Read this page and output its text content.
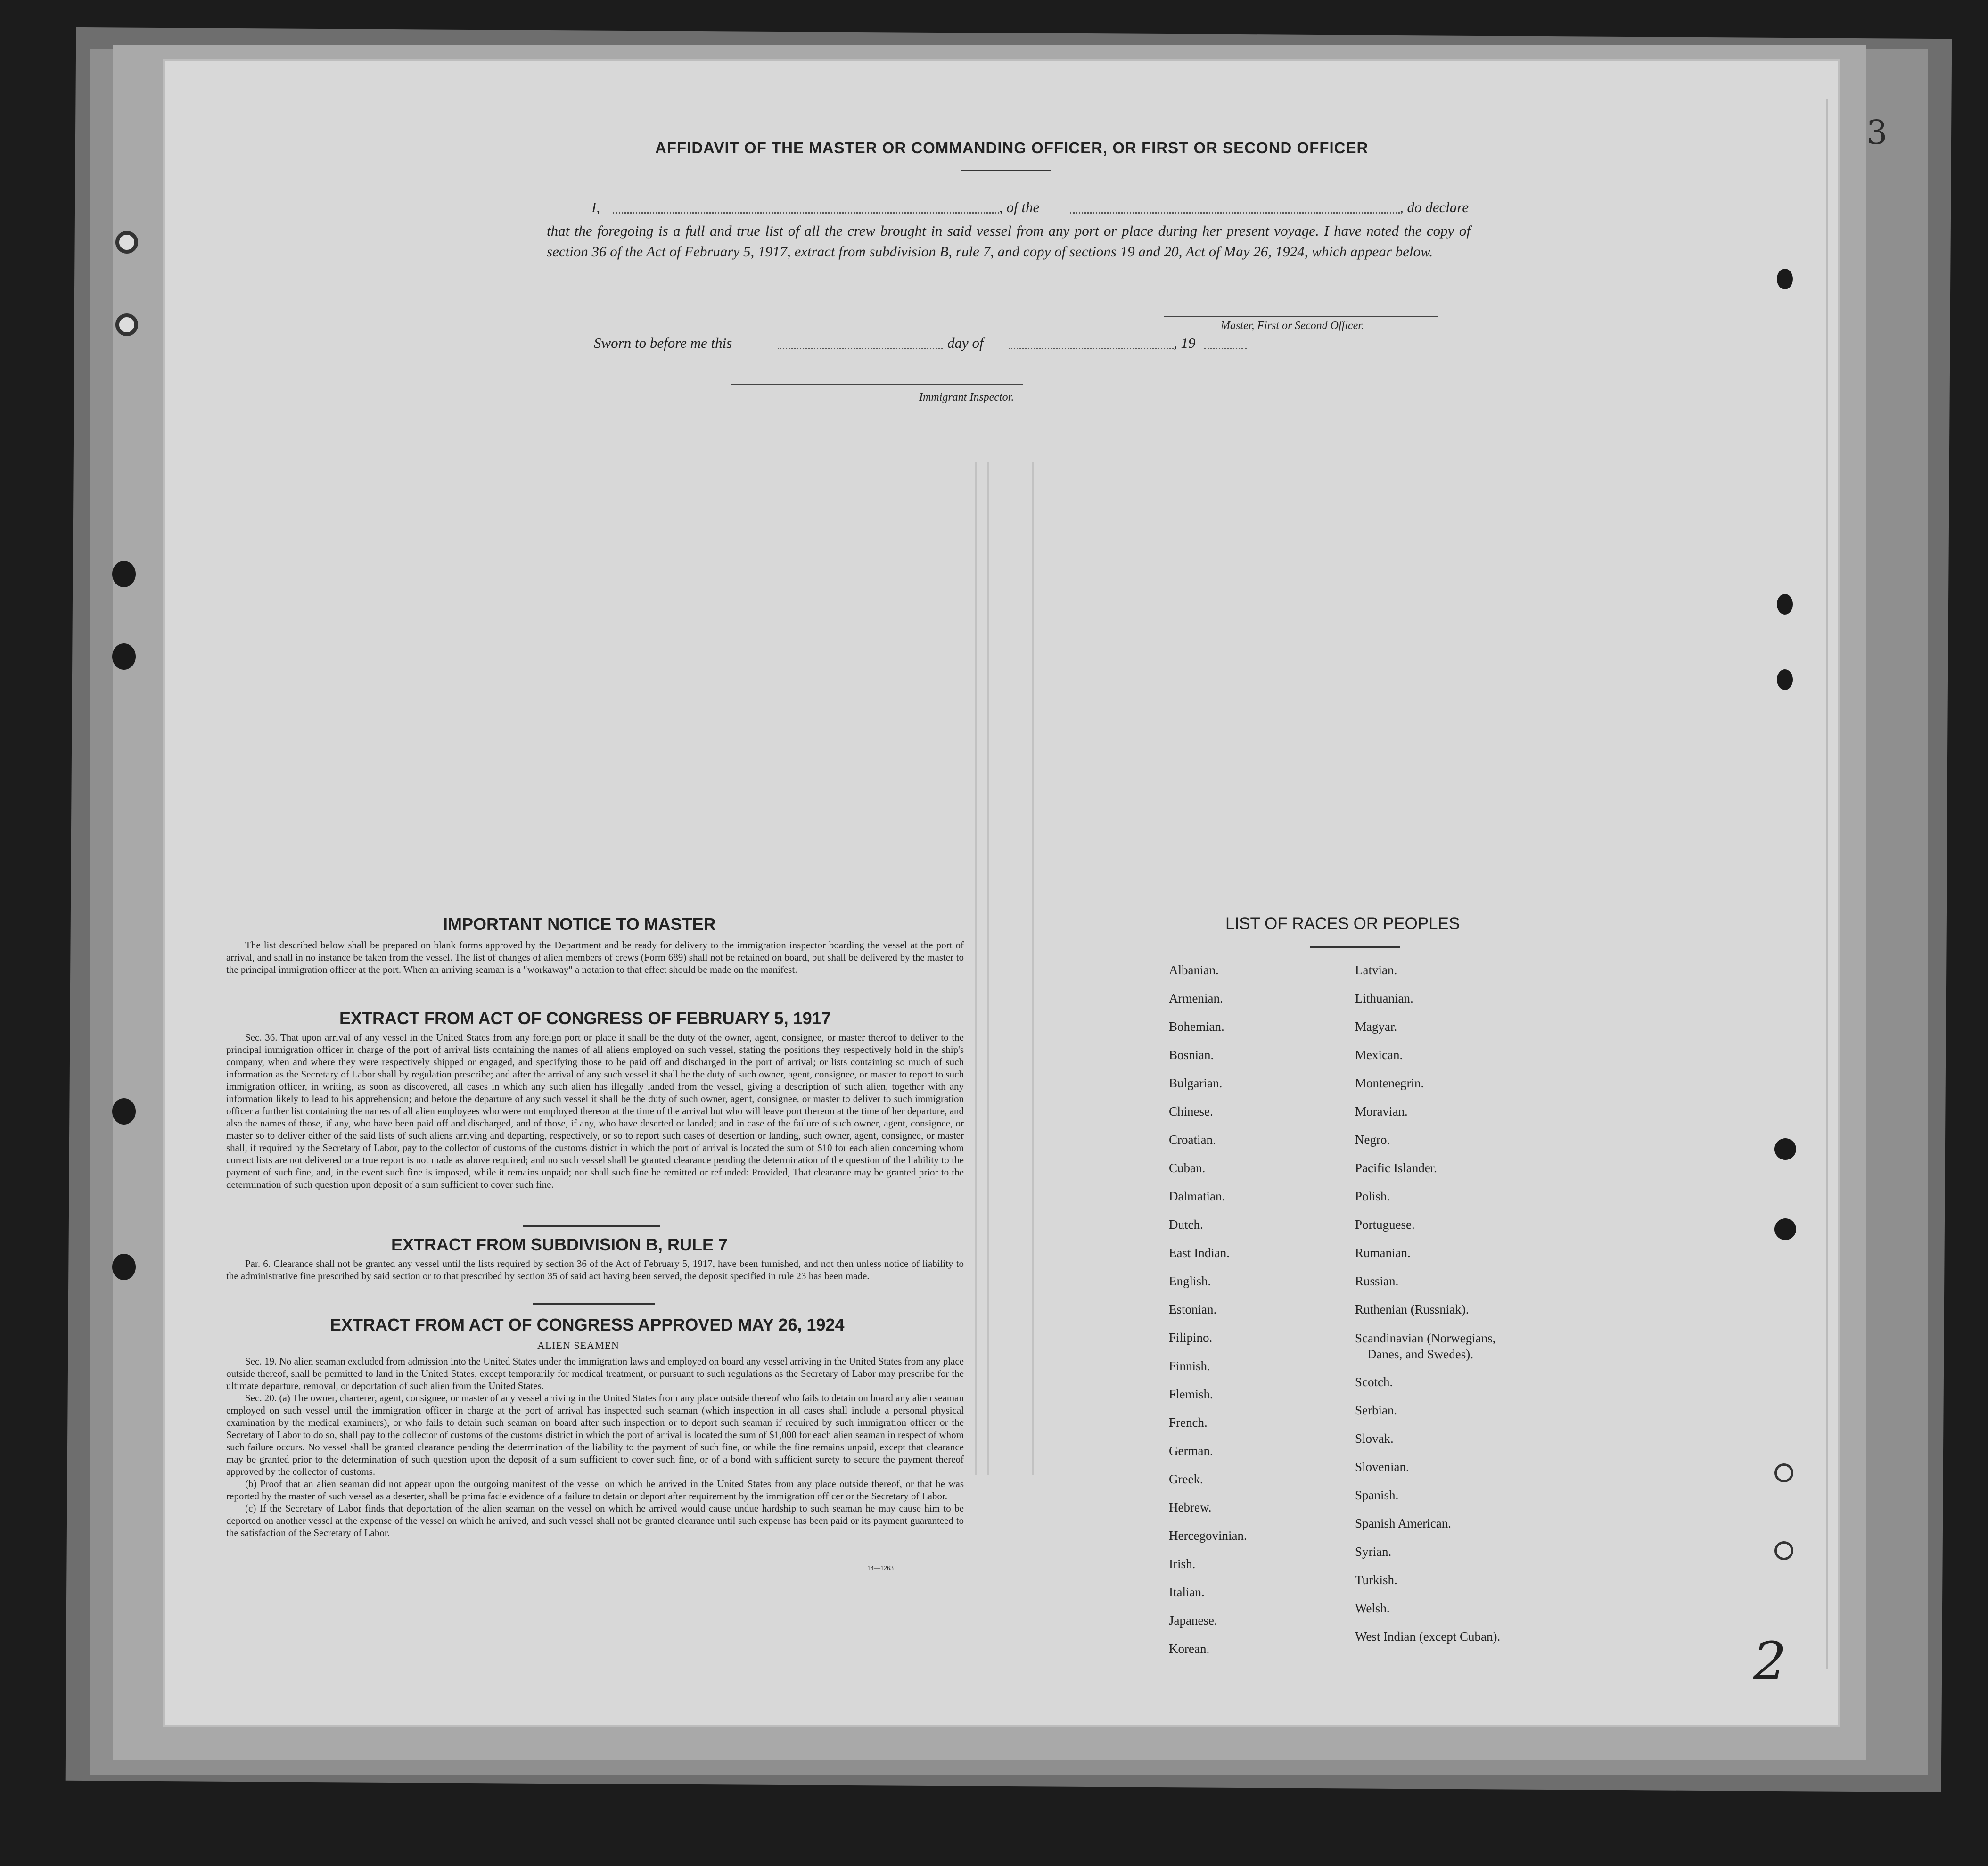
AFFIDAVIT OF THE MASTER OR COMMANDING OFFICER, OR FIRST OR SECOND OFFICER
I,	, of the	, do declare

that the foregoing is a full and true list of all the crew brought in said vessel from any port or place during her present voyage. I have noted the copy of section 36 of the Act of February 5, 1917, extract from subdivision B, rule 7, and copy of sections 19 and 20, Act of May 26, 1924, which appear below.

Master, First or Second Officer.
Sworn to before me this	day of	, 19
Immigrant Inspector.
IMPORTANT NOTICE TO MASTER

The list described below shall be prepared on blank forms approved by the Department and be ready for delivery to the immigration inspector boarding the vessel at the port of arrival, and shall in no instance be taken from the vessel. The list of changes of alien members of crews (Form 689) shall not be retained on board, but shall be delivered by the master to the principal immigration officer at the port. When an arriving seaman is a "workaway" a notation to that effect should be made on the manifest.

EXTRACT FROM ACT OF CONGRESS OF FEBRUARY 5, 1917

Sec. 36. That upon arrival of any vessel in the United States from any foreign port or place it shall be the duty of the owner, agent, consignee, or master thereof to deliver to the principal immigration officer in charge of the port of arrival lists containing the names of all aliens employed on such vessel, stating the positions they respectively hold in the ship's company, when and where they were respectively shipped or engaged, and specifying those to be paid off and discharged in the port of arrival; or lists containing so much of such information as the Secretary of Labor shall by regulation prescribe; and after the arrival of any such vessel it shall be the duty of such owner, agent, consignee, or master to report to such immigration officer, in writing, as soon as discovered, all cases in which any such alien has illegally landed from the vessel, giving a description of such alien, together with any information likely to lead to his apprehension; and before the departure of any such vessel it shall be the duty of such owner, agent, consignee, or master to deliver to such immigration officer a further list containing the names of all alien employees who were not employed thereon at the time of the arrival but who will leave port thereon at the time of her departure, and also the names of those, if any, who have been paid off and discharged, and of those, if any, who have deserted or landed; and in case of the failure of such owner, agent, consignee, or master so to deliver either of the said lists of such aliens arriving and departing, respectively, or so to report such cases of desertion or landing, such owner, agent, consignee, or master shall, if required by the Secretary of Labor, pay to the collector of customs of the customs district in which the port of arrival is located the sum of $10 for each alien concerning whom correct lists are not delivered or a true report is not made as above required; and no such vessel shall be granted clearance pending the determination of the question of the liability to the payment of such fine, and, in the event such fine is imposed, while it remains unpaid; nor shall such fine be remitted or refunded: Provided, That clearance may be granted prior to the determination of such question upon deposit of a sum sufficient to cover such fine.

EXTRACT FROM SUBDIVISION B, RULE 7

Par. 6. Clearance shall not be granted any vessel until the lists required by section 36 of the Act of February 5, 1917, have been furnished, and not then unless notice of liability to the administrative fine prescribed by said section or to that prescribed by section 35 of said act having been served, the deposit specified in rule 23 has been made.

EXTRACT FROM ACT OF CONGRESS APPROVED MAY 26, 1924
ALIEN SEAMEN

Sec. 19. No alien seaman excluded from admission into the United States under the immigration laws and employed on board any vessel arriving in the United States from any place outside thereof, shall be permitted to land in the United States, except temporarily for medical treatment, or pursuant to such regulations as the Secretary of Labor may prescribe for the ultimate departure, removal, or deportation of such alien from the United States.

Sec. 20. (a) The owner, charterer, agent, consignee, or master of any vessel arriving in the United States from any place outside thereof who fails to detain on board any alien seaman employed on such vessel until the immigration officer in charge at the port of arrival has inspected such seaman (which inspection in all cases shall include a personal physical examination by the medical examiners), or who fails to detain such seaman on board after such inspection or to deport such seaman if required by such immigration officer or the Secretary of Labor to do so, shall pay to the collector of customs of the customs district in which the port of arrival is located the sum of $1,000 for each alien seaman in respect of whom such failure occurs. No vessel shall be granted clearance pending the determination of the liability to the payment of such fine, or while the fine remains unpaid, except that clearance may be granted prior to the determination of such question upon the deposit of a sum sufficient to cover such fine, or of a bond with sufficient surety to secure the payment thereof approved by the collector of customs.

(b) Proof that an alien seaman did not appear upon the outgoing manifest of the vessel on which he arrived in the United States from any place outside thereof, or that he was reported by the master of such vessel as a deserter, shall be prima facie evidence of a failure to detain or deport after requirement by the immigration officer or the Secretary of Labor.

(c) If the Secretary of Labor finds that deportation of the alien seaman on the vessel on which he arrived would cause undue hardship to such seaman he may cause him to be deported on another vessel at the expense of the vessel on which he arrived, and such vessel shall not be granted clearance until such expense has been paid or its payment guaranteed to the satisfaction of the Secretary of Labor.

14—1263
LIST OF RACES OR PEOPLES
Albanian.
Armenian.
Bohemian.
Bosnian.
Bulgarian.
Chinese.
Croatian.
Cuban.
Dalmatian.
Dutch.
East Indian.
English.
Estonian.
Filipino.
Finnish.
Flemish.
French.
German.
Greek.
Hebrew.
Hercegovinian.
Irish.
Italian.
Japanese.
Korean.
Latvian.
Lithuanian.
Magyar.
Mexican.
Montenegrin.
Moravian.
Negro.
Pacific Islander.
Polish.
Portuguese.
Rumanian.
Russian.
Ruthenian (Russniak).
Scandinavian (Norwegians,
Danes, and Swedes).
Scotch.
Serbian.
Slovak.
Slovenian.
Spanish.
Spanish American.
Syrian.
Turkish.
Welsh.
West Indian (except Cuban).	2
3
